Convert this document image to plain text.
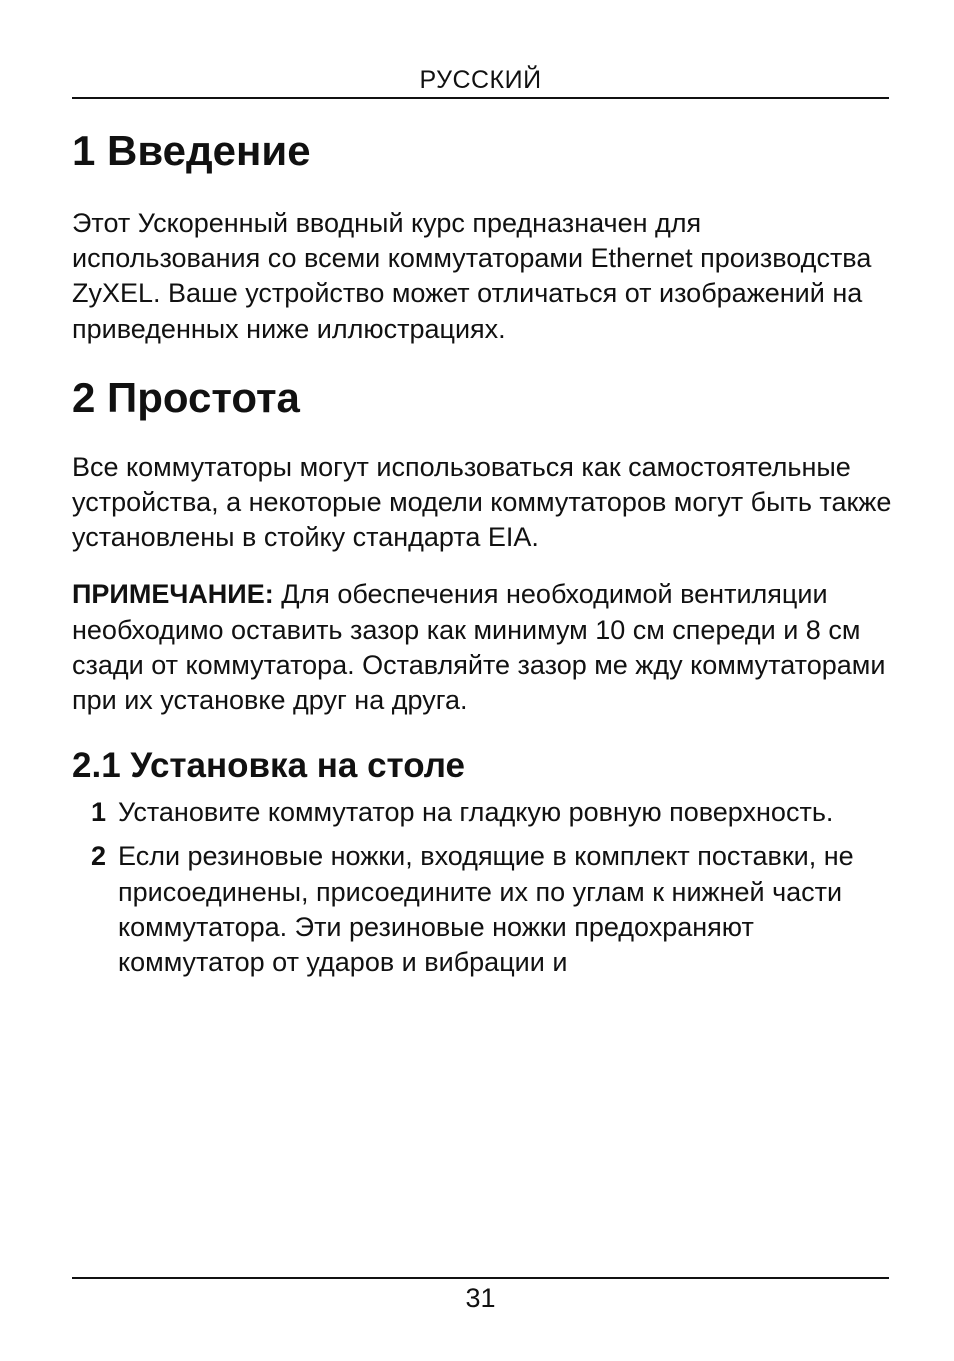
РУССКИЙ
1 Введение

Этот Ускоренный вводный курс предназначен для использования со всеми коммутаторами Ethernet производства ZyXEL. Ваше устройство может отличаться от изображений на приведенных ниже иллюстрациях.

2 Простота

Все коммутаторы могут использоваться как самостоятельные устройства, а некоторые модели коммутаторов могут быть также установлены в стойку стандарта EIA.

ПРИМЕЧАНИЕ: Для обеспечения необходимой вентиляции необходимо оставить зазор как минимум 10 см спереди и 8 см сзади от коммутатора. Оставляйте зазор ме жду коммутаторами при их установке друг на друга.

2.1 Установка на столе
1 Установите коммутатор на гладкую ровную поверхность.
2 Если резиновые ножки, входящие в комплект поставки, не присоединены, присоедините их по углам к нижней части коммутатора. Эти резиновые ножки предохраняют коммутатор от ударов и вибрации и
31
